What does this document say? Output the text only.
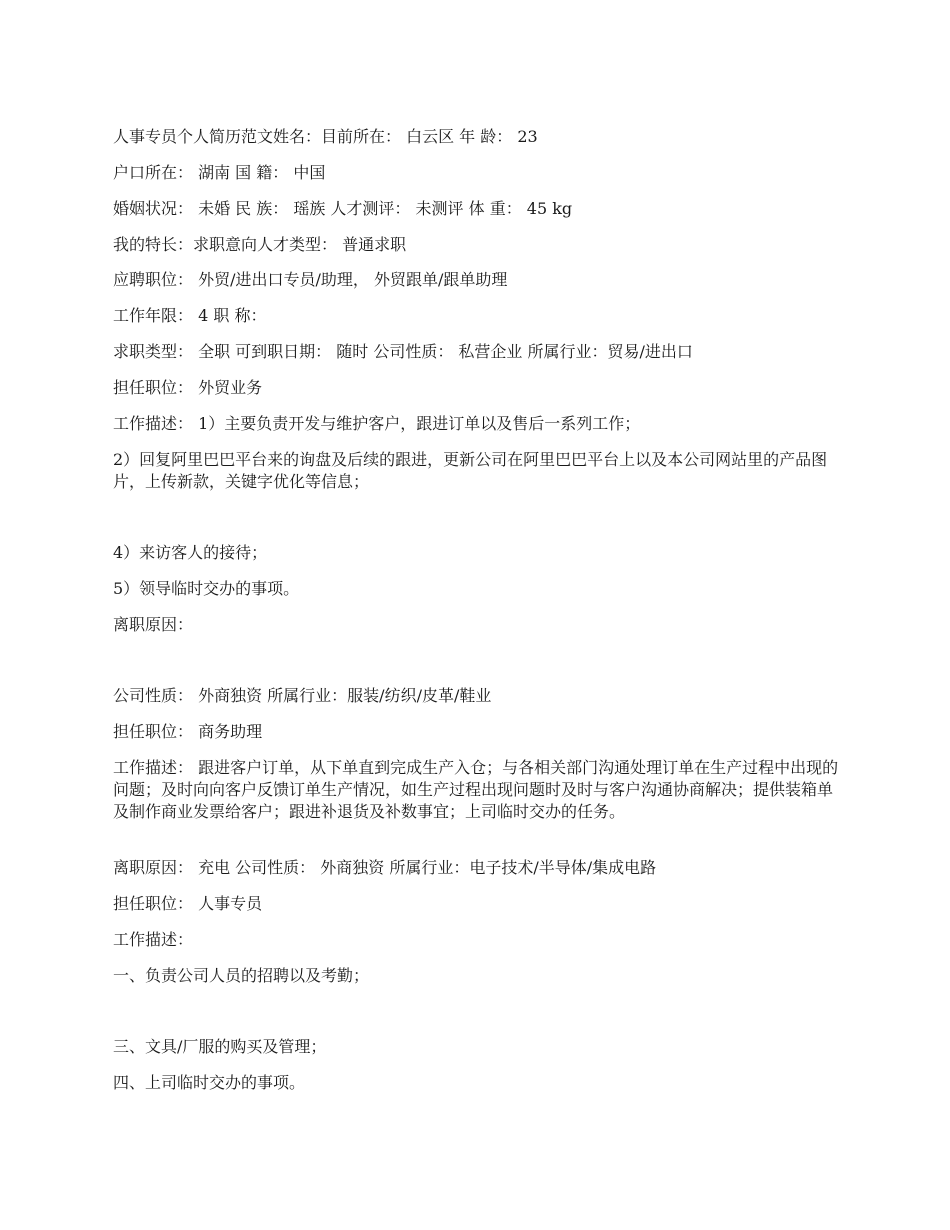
人事专员个人简历范文姓名：目前所在： 白云区 年 龄： 23
户口所在： 湖南 国 籍： 中国
婚姻状况： 未婚 民 族： 瑶族 人才测评： 未测评 体 重： 45 kg
我的特长：求职意向人才类型： 普通求职
应聘职位： 外贸/进出口专员/助理， 外贸跟单/跟单助理
工作年限： 4 职 称：
求职类型： 全职 可到职日期： 随时 公司性质： 私营企业 所属行业：贸易/进出口
担任职位： 外贸业务
工作描述： 1）主要负责开发与维护客户，跟进订单以及售后一系列工作；
2）回复阿里巴巴平台来的询盘及后续的跟进，更新公司在阿里巴巴平台上以及本公司网站里的产品图片，上传新款，关键字优化等信息；
4）来访客人的接待；
5）领导临时交办的事项。
离职原因：
公司性质： 外商独资 所属行业：服装/纺织/皮革/鞋业
担任职位： 商务助理
工作描述： 跟进客户订单，从下单直到完成生产入仓；与各相关部门沟通处理订单在生产过程中出现的问题；及时向向客户反馈订单生产情况，如生产过程出现问题时及时与客户沟通协商解决；提供装箱单及制作商业发票给客户；跟进补退货及补数事宜；上司临时交办的任务。
离职原因： 充电 公司性质： 外商独资 所属行业：电子技术/半导体/集成电路
担任职位： 人事专员
工作描述：
一、负责公司人员的招聘以及考勤；
三、文具/厂服的购买及管理；
四、上司临时交办的事项。
